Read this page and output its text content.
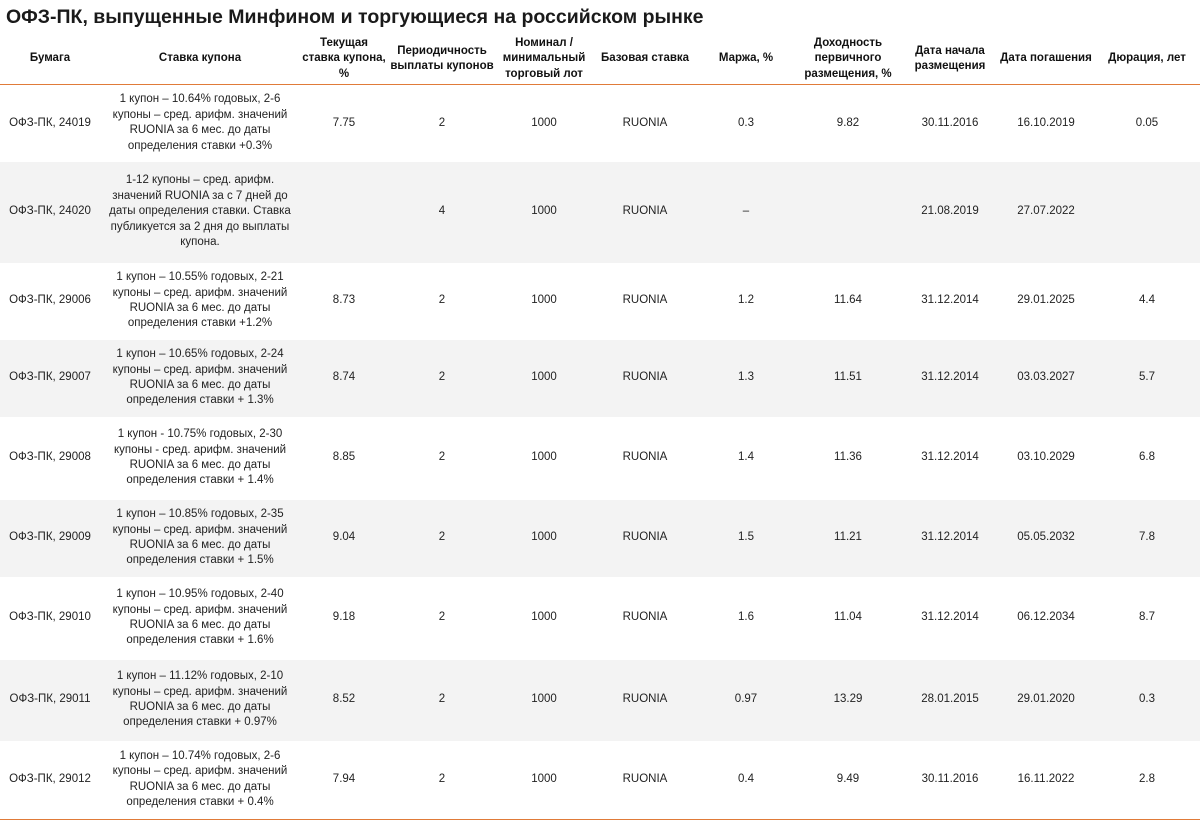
ОФЗ-ПК, выпущенные Минфином и торгующиеся на российском рынке
Бумага	Ставка купона	Текущая ставка купона, %	Периодичность выплаты купонов	Номинал / минимальный торговый лот	Базовая ставка	Маржа, %	Доходность первичного размещения, %	Дата начала размещения	Дата погашения	Дюрация, лет
ОФЗ-ПК, 24019	1 купон – 10.64% годовых, 2-6 купоны – сред. арифм. значений RUONIA за 6 мес. до даты определения ставки +0.3%	7.75	2	1000	RUONIA	0.3	9.82	30.11.2016	16.10.2019	0.05
ОФЗ-ПК, 24020	1-12 купоны – сред. арифм. значений RUONIA за с 7 дней до даты определения ставки. Ставка публикуется за 2 дня до выплаты купона.		4	1000	RUONIA	–		21.08.2019	27.07.2022	
ОФЗ-ПК, 29006	1 купон – 10.55% годовых, 2-21 купоны – сред. арифм. значений RUONIA за 6 мес. до даты определения ставки +1.2%	8.73	2	1000	RUONIA	1.2	11.64	31.12.2014	29.01.2025	4.4
ОФЗ-ПК, 29007	1 купон – 10.65% годовых, 2-24 купоны – сред. арифм. значений RUONIA за 6 мес. до даты определения ставки + 1.3%	8.74	2	1000	RUONIA	1.3	11.51	31.12.2014	03.03.2027	5.7
ОФЗ-ПК, 29008	1 купон - 10.75% годовых, 2-30 купоны - сред. арифм. значений RUONIA за 6 мес. до даты определения ставки + 1.4%	8.85	2	1000	RUONIA	1.4	11.36	31.12.2014	03.10.2029	6.8
ОФЗ-ПК, 29009	1 купон – 10.85% годовых, 2-35 купоны – сред. арифм. значений RUONIA за 6 мес. до даты определения ставки + 1.5%	9.04	2	1000	RUONIA	1.5	11.21	31.12.2014	05.05.2032	7.8
ОФЗ-ПК, 29010	1 купон – 10.95% годовых, 2-40 купоны – сред. арифм. значений RUONIA за 6 мес. до даты определения ставки + 1.6%	9.18	2	1000	RUONIA	1.6	11.04	31.12.2014	06.12.2034	8.7
ОФЗ-ПК, 29011	1 купон – 11.12% годовых, 2-10 купоны – сред. арифм. значений RUONIA за 6 мес. до даты определения ставки + 0.97%	8.52	2	1000	RUONIA	0.97	13.29	28.01.2015	29.01.2020	0.3
ОФЗ-ПК, 29012	1 купон – 10.74% годовых, 2-6 купоны – сред. арифм. значений RUONIA за 6 мес. до даты определения ставки + 0.4%	7.94	2	1000	RUONIA	0.4	9.49	30.11.2016	16.11.2022	2.8
